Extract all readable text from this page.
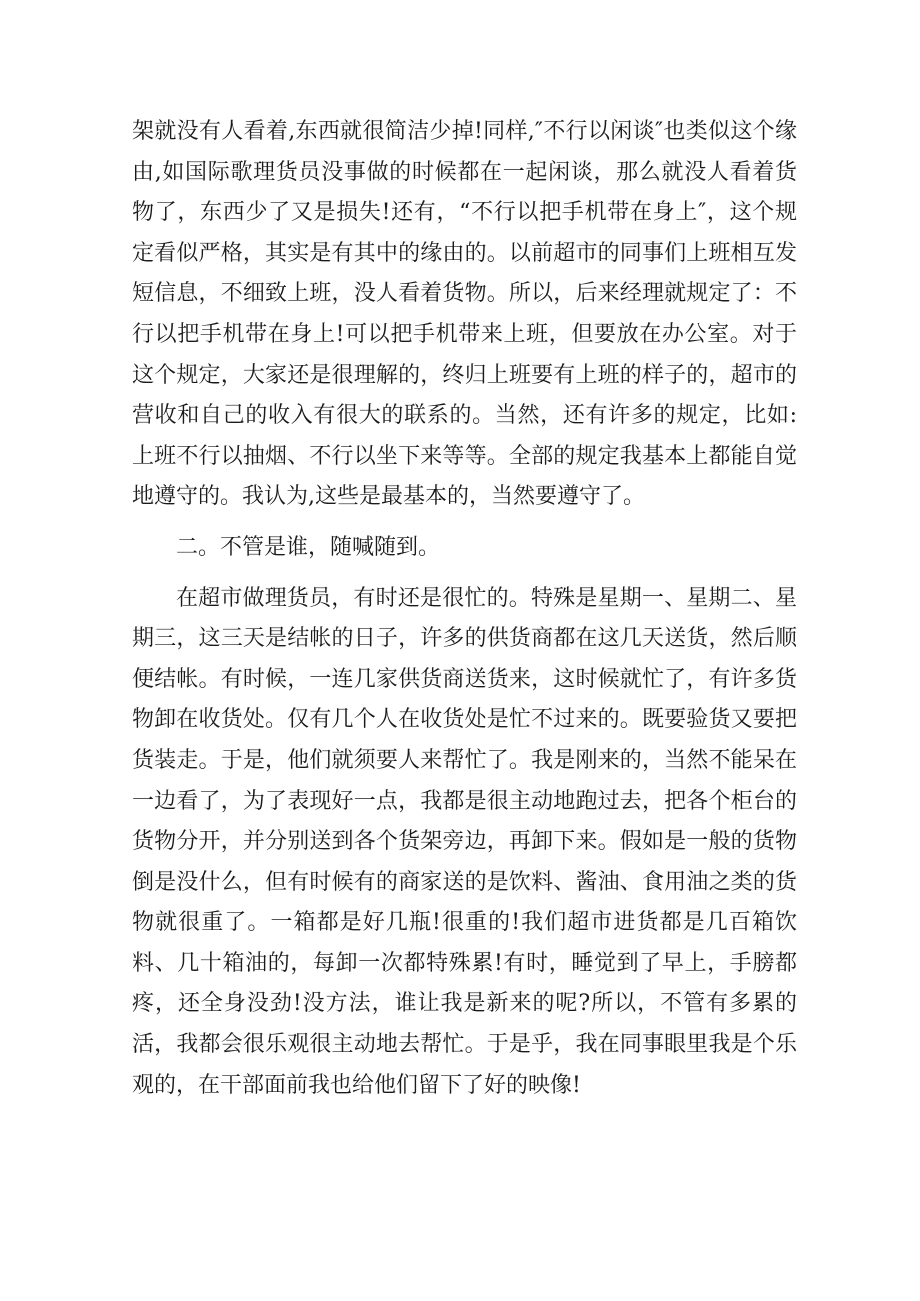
架就没有人看着,东西就很简洁少掉!同样,″不行以闲谈″也类似这个缘由,如国际歌理货员没事做的时候都在一起闲谈，那么就没人看着货物了，东西少了又是损失!还有，“不行以把手机带在身上″，这个规定看似严格，其实是有其中的缘由的。以前超市的同事们上班相互发短信息，不细致上班，没人看着货物。所以，后来经理就规定了：不行以把手机带在身上!可以把手机带来上班，但要放在办公室。对于这个规定，大家还是很理解的，终归上班要有上班的样子的，超市的营收和自己的收入有很大的联系的。当然，还有许多的规定，比如:上班不行以抽烟、不行以坐下来等等。全部的规定我基本上都能自觉地遵守的。我认为,这些是最基本的，当然要遵守了。

二。不管是谁，随喊随到。

在超市做理货员，有时还是很忙的。特殊是星期一、星期二、星期三，这三天是结帐的日子，许多的供货商都在这几天送货，然后顺便结帐。有时候，一连几家供货商送货来，这时候就忙了，有许多货物卸在收货处。仅有几个人在收货处是忙不过来的。既要验货又要把货装走。于是，他们就须要人来帮忙了。我是刚来的，当然不能呆在一边看了，为了表现好一点，我都是很主动地跑过去，把各个柜台的货物分开，并分别送到各个货架旁边，再卸下来。假如是一般的货物倒是没什么，但有时候有的商家送的是饮料、酱油、食用油之类的货物就很重了。一箱都是好几瓶!很重的!我们超市进货都是几百箱饮料、几十箱油的，每卸一次都特殊累!有时，睡觉到了早上，手膀都疼，还全身没劲!没方法，谁让我是新来的呢?所以，不管有多累的活，我都会很乐观很主动地去帮忙。于是乎，我在同事眼里我是个乐观的，在干部面前我也给他们留下了好的映像!
